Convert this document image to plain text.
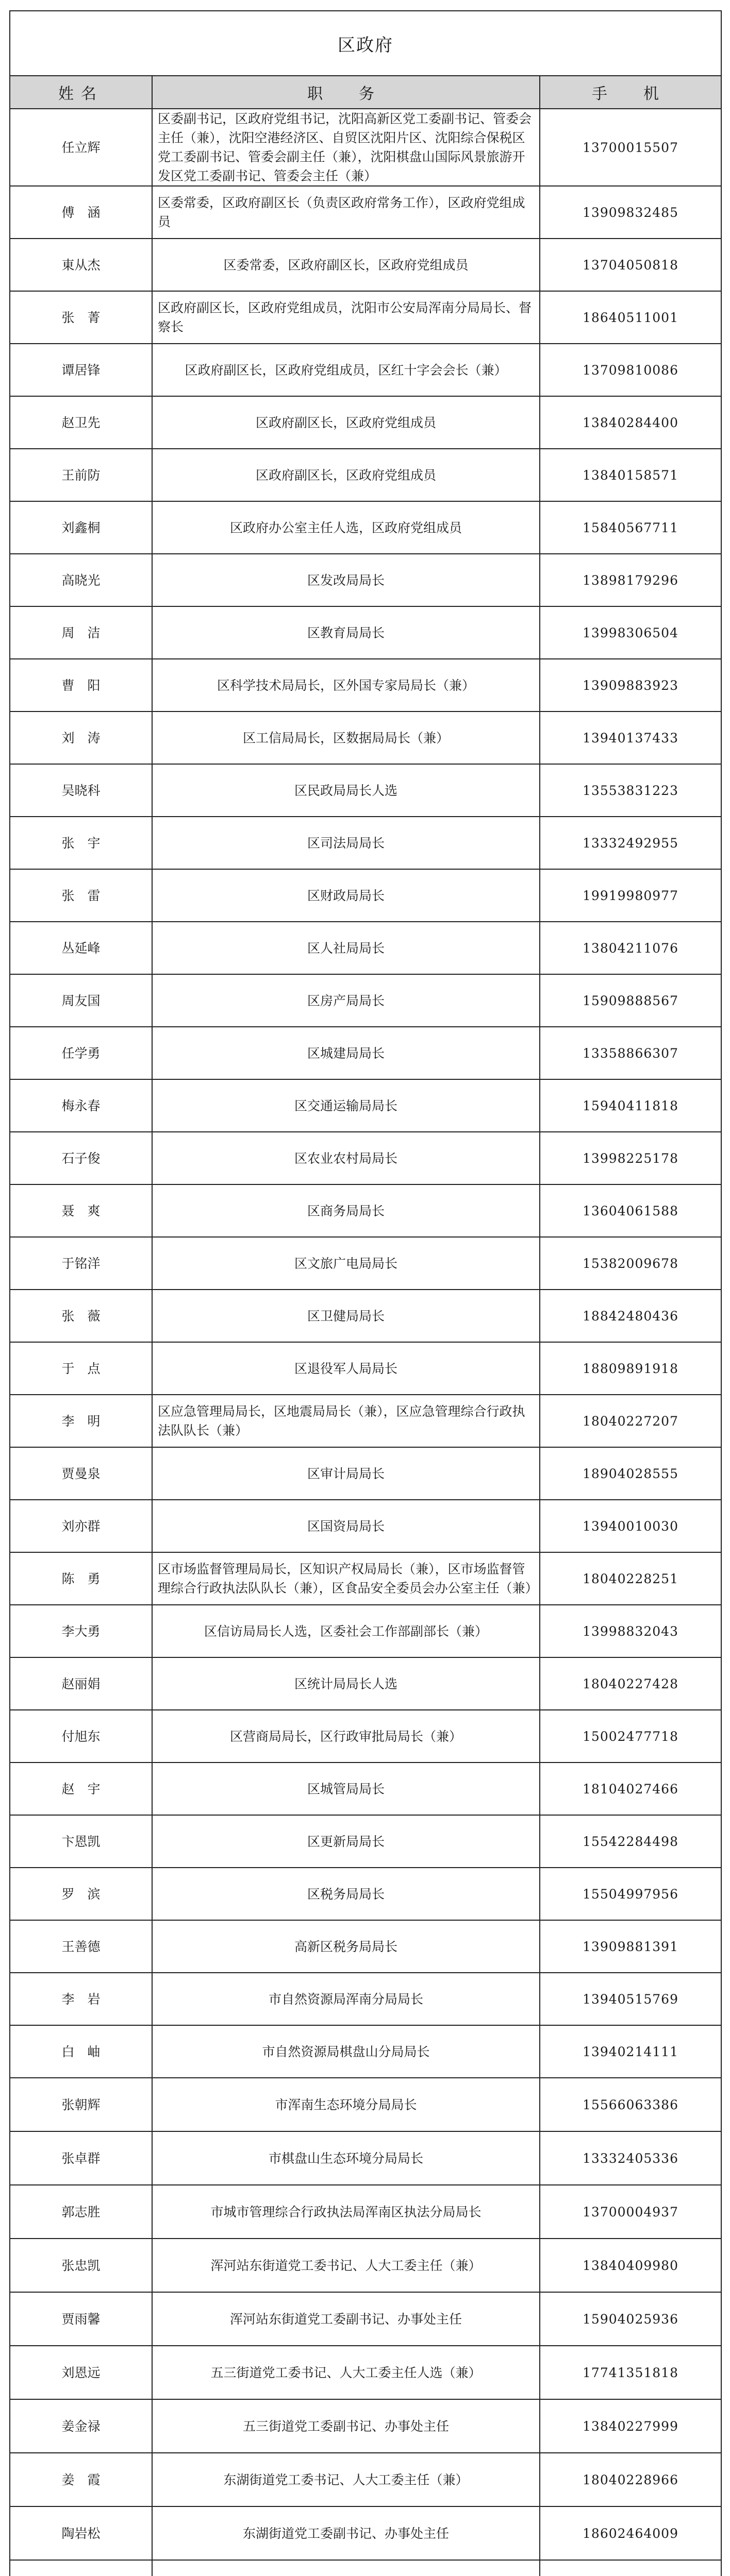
区政府		
姓名	职　务	手　机
任立辉	区委副书记，区政府党组书记，沈阳高新区党工委副书记、管委会主任（兼），沈阳空港经济区、自贸区沈阳片区、沈阳综合保税区党工委副书记、管委会副主任（兼），沈阳棋盘山国际风景旅游开发区党工委副书记、管委会主任（兼）	13700015507
傅　涵	区委常委，区政府副区长（负责区政府常务工作），区政府党组成员	13909832485
東从杰	区委常委，区政府副区长，区政府党组成员	13704050818
张　菁	区政府副区长，区政府党组成员，沈阳市公安局浑南分局局长、督察长	18640511001
谭居锋	区政府副区长，区政府党组成员，区红十字会会长（兼）	13709810086
赵卫先	区政府副区长，区政府党组成员	13840284400
王前防	区政府副区长，区政府党组成员	13840158571
刘鑫桐	区政府办公室主任人选，区政府党组成员	15840567711
高晓光	区发改局局长	13898179296
周　洁	区教育局局长	13998306504
曹　阳	区科学技术局局长，区外国专家局局长（兼）	13909883923
刘　涛	区工信局局长，区数据局局长（兼）	13940137433
吴晓科	区民政局局长人选	13553831223
张　宇	区司法局局长	13332492955
张　雷	区财政局局长	19919980977
丛延峰	区人社局局长	13804211076
周友国	区房产局局长	15909888567
任学勇	区城建局局长	13358866307
梅永春	区交通运输局局长	15940411818
石子俊	区农业农村局局长	13998225178
聂　爽	区商务局局长	13604061588
于铭洋	区文旅广电局局长	15382009678
张　薇	区卫健局局长	18842480436
于　点	区退役军人局局长	18809891918
李　明	区应急管理局局长，区地震局局长（兼），区应急管理综合行政执法队队长（兼）	18040227207
贾曼泉	区审计局局长	18904028555
刘亦群	区国资局局长	13940010030
陈　勇	区市场监督管理局局长，区知识产权局局长（兼），区市场监督管理综合行政执法队队长（兼），区食品安全委员会办公室主任（兼）	18040228251
李大勇	区信访局局长人选，区委社会工作部副部长（兼）	13998832043
赵丽娟	区统计局局长人选	18040227428
付旭东	区营商局局长，区行政审批局局长（兼）	15002477718
赵　宇	区城管局局长	18104027466
卞恩凯	区更新局局长	15542284498
罗　滨	区税务局局长	15504997956
王善德	高新区税务局局长	13909881391
李　岩	市自然资源局浑南分局局长	13940515769
白　岫	市自然资源局棋盘山分局局长	13940214111
张朝辉	市浑南生态环境分局局长	15566063386
张卓群	市棋盘山生态环境分局局长	13332405336
郭志胜	市城市管理综合行政执法局浑南区执法分局局长	13700004937
张忠凯	浑河站东街道党工委书记、人大工委主任（兼）	13840409980
贾雨馨	浑河站东街道党工委副书记、办事处主任	15904025936
刘恩远	五三街道党工委书记、人大工委主任人选（兼）	17741351818
姜金禄	五三街道党工委副书记、办事处主任	13840227999
姜　霞	东湖街道党工委书记、人大工委主任（兼）	18040228966
陶岩松	东湖街道党工委副书记、办事处主任	18602464009
